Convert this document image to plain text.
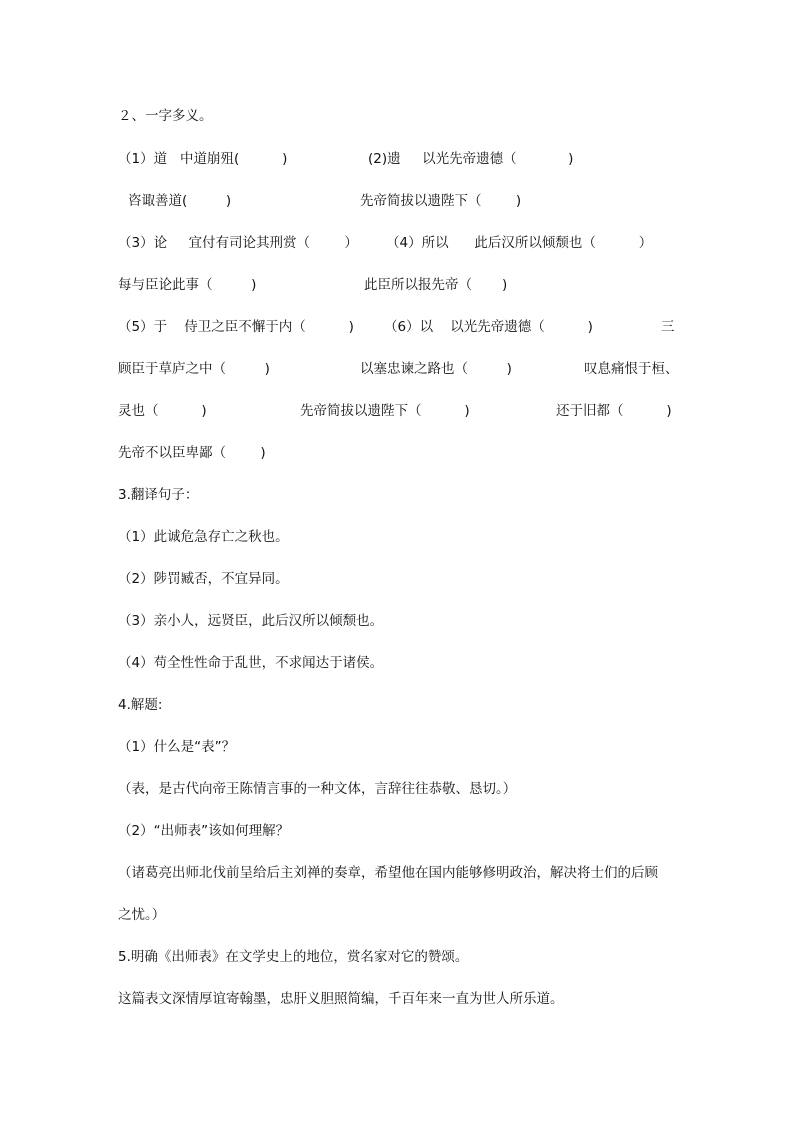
２、一字多义。
（1）道   中道崩殂(          )	(2)遗     以光先帝遗德（            )
咨诹善道(         )	先帝简拔以遗陛下（        )
（3）论     宜付有司论其刑赏（        ） （4）所以      此后汉所以倾颓也（          ）
每与臣论此事（         )	此臣所以报先帝（       )
（5）于    侍卫之臣不懈于内（          ) （6）以    以光先帝遗德（          )	三
顾臣于草庐之中（         )	以塞忠谏之路也（         )	叹息痛恨于桓、
灵也（          )	先帝简拔以遗陛下（          )	还于旧都（          )
先帝不以臣卑鄙（        )
3.翻译句子：
（1）此诚危急存亡之秋也。
（2）陟罚臧否，不宜异同。
（3）亲小人，远贤臣，此后汉所以倾颓也。
（4）苟全性性命于乱世，不求闻达于诸侯。
4.解题:
（1）什么是“表”？
（表，是古代向帝王陈情言事的一种文体，言辞往往恭敬、恳切。）
（2）“出师表”该如何理解？
（诸葛亮出师北伐前呈给后主刘禅的奏章，希望他在国内能够修明政治，解决将士们的后顾
之忧。）
5.明确《出师表》在文学史上的地位，赏名家对它的赞颂。
这篇表文深情厚谊寄翰墨，忠肝义胆照简编，千百年来一直为世人所乐道。
